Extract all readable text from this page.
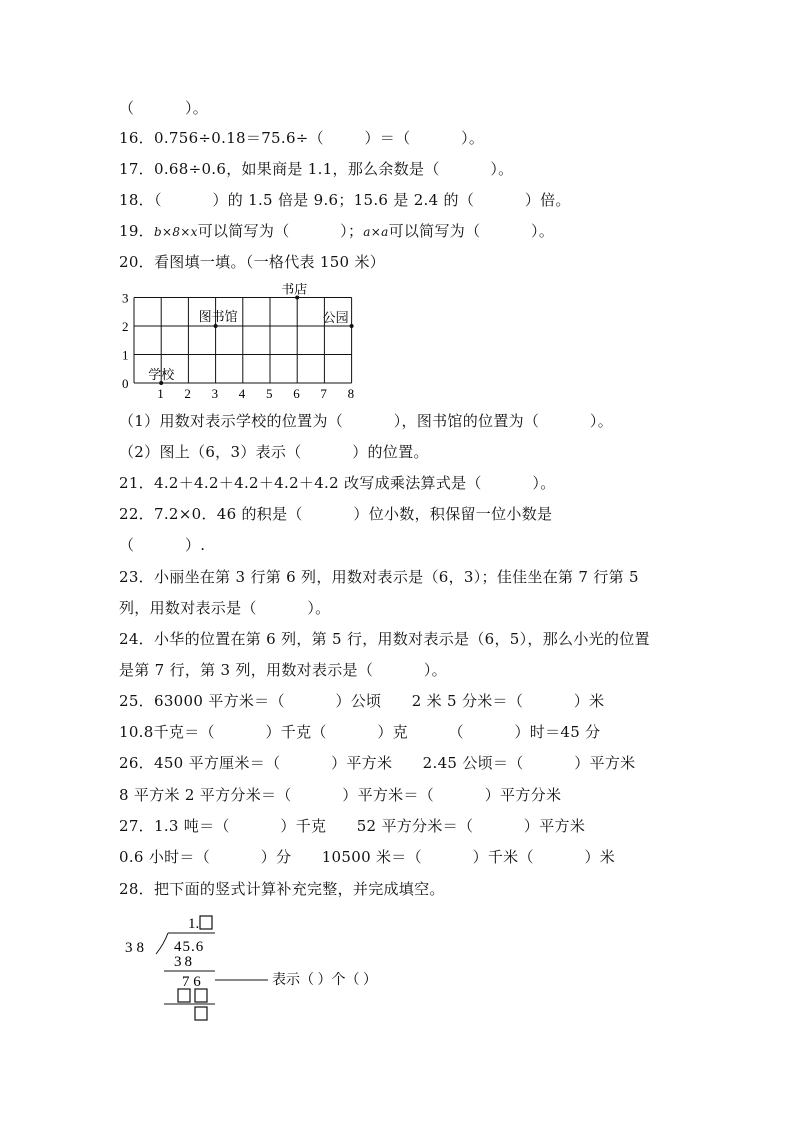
（          ）。
16．0.756÷0.18＝75.6÷（        ）＝（          ）。
17．0.68÷0.6，如果商是 1.1，那么余数是（          ）。
18．（          ）的 1.5 倍是 9.6；15.6 是 2.4 的（          ）倍。
20．看图填一填。（一格代表 150 米）
（1）用数对表示学校的位置为（          ），图书馆的位置为（          ）。
（2）图上（6，3）表示（          ）的位置。
21．4.2＋4.2＋4.2＋4.2＋4.2 改写成乘法算式是（          ）。
22．7.2×0．46 的积是（          ）位小数，积保留一位小数是
（          ）.
23．小丽坐在第 3 行第 6 列，用数对表示是（6，3）；佳佳坐在第 7 行第 5
列，用数对表示是（          ）。
24．小华的位置在第 6 列，第 5 行，用数对表示是（6，5），那么小光的位置
是第 7 行，第 3 列，用数对表示是（          ）。
25．63000 平方米＝（          ）公顷      2 米 5 分米＝（          ）米
10.8千克＝（          ）千克（          ）克        （          ）时＝45 分
26．450 平方厘米＝（          ）平方米      2.45 公顷＝（          ）平方米
8 平方米 2 平方分米＝（          ）平方米＝（          ）平方分米
27．1.3 吨＝（          ）千克      52 平方分米＝（          ）平方米
0.6 小时＝（          ）分      10500 米＝（          ）千米（          ）米
28．把下面的竖式计算补充完整，并完成填空。
19．b×8×x可以简写为（          ）；a×a可以简写为（          ）。
0
1
2
3
1 2 3 4 5 6 7 8
学校
图书馆
书店
公园
1.
38 45.6
38
7 6	表示（ ）个（ ）
